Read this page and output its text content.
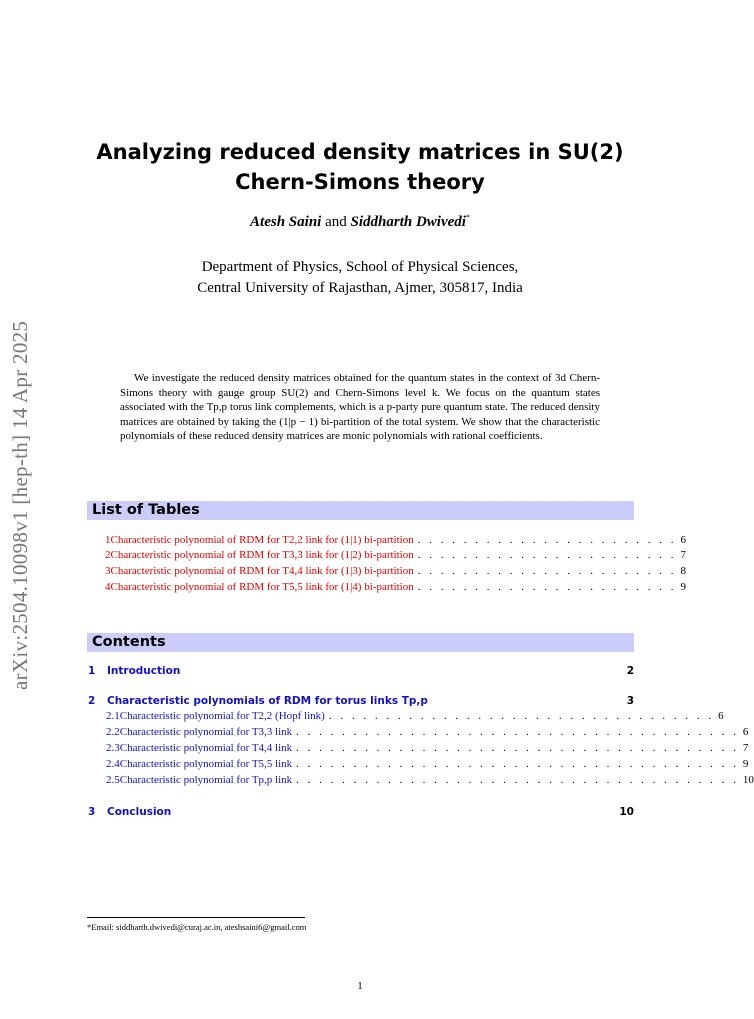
arXiv:2504.10098v1 [hep-th] 14 Apr 2025
Analyzing reduced density matrices in SU(2) Chern-Simons theory
Atesh Saini and Siddharth Dwivedi*
Department of Physics, School of Physical Sciences,
Central University of Rajasthan, Ajmer, 305817, India
We investigate the reduced density matrices obtained for the quantum states in the context of 3d Chern-Simons theory with gauge group SU(2) and Chern-Simons level k. We focus on the quantum states associated with the Tp,p torus link complements, which is a p-party pure quantum state. The reduced density matrices are obtained by taking the (1|p − 1) bi-partition of the total system. We show that the characteristic polynomials of these reduced density matrices are monic polynomials with rational coefficients.
List of Tables
1 Characteristic polynomial of RDM for T2,2 link for (1|1) bi-partition . . . . . . . . . . . . . . . . . . . . . . . 6
2 Characteristic polynomial of RDM for T3,3 link for (1|2) bi-partition . . . . . . . . . . . . . . . . . . . . . . . 7
3 Characteristic polynomial of RDM for T4,4 link for (1|3) bi-partition . . . . . . . . . . . . . . . . . . . . . . . 8
4 Characteristic polynomial of RDM for T5,5 link for (1|4) bi-partition . . . . . . . . . . . . . . . . . . . . . . . 9
Contents
1	Introduction	2
2	Characteristic polynomials of RDM for torus links Tp,p	3
2.1 Characteristic polynomial for T2,2 (Hopf link) . . . . . . . . . . . . . . . . . . . . . . . . . . . . . . . . . . 6
2.2 Characteristic polynomial for T3,3 link . . . . . . . . . . . . . . . . . . . . . . . . . . . . . . . . . . . . . . . 6
2.3 Characteristic polynomial for T4,4 link . . . . . . . . . . . . . . . . . . . . . . . . . . . . . . . . . . . . . . . 7
2.4 Characteristic polynomial for T5,5 link . . . . . . . . . . . . . . . . . . . . . . . . . . . . . . . . . . . . . . . 9
2.5 Characteristic polynomial for Tp,p link . . . . . . . . . . . . . . . . . . . . . . . . . . . . . . . . . . . . . . . 10
3	Conclusion	10
*Email: siddharth.dwivedi@curaj.ac.in, ateshsaini6@gmail.com
1
